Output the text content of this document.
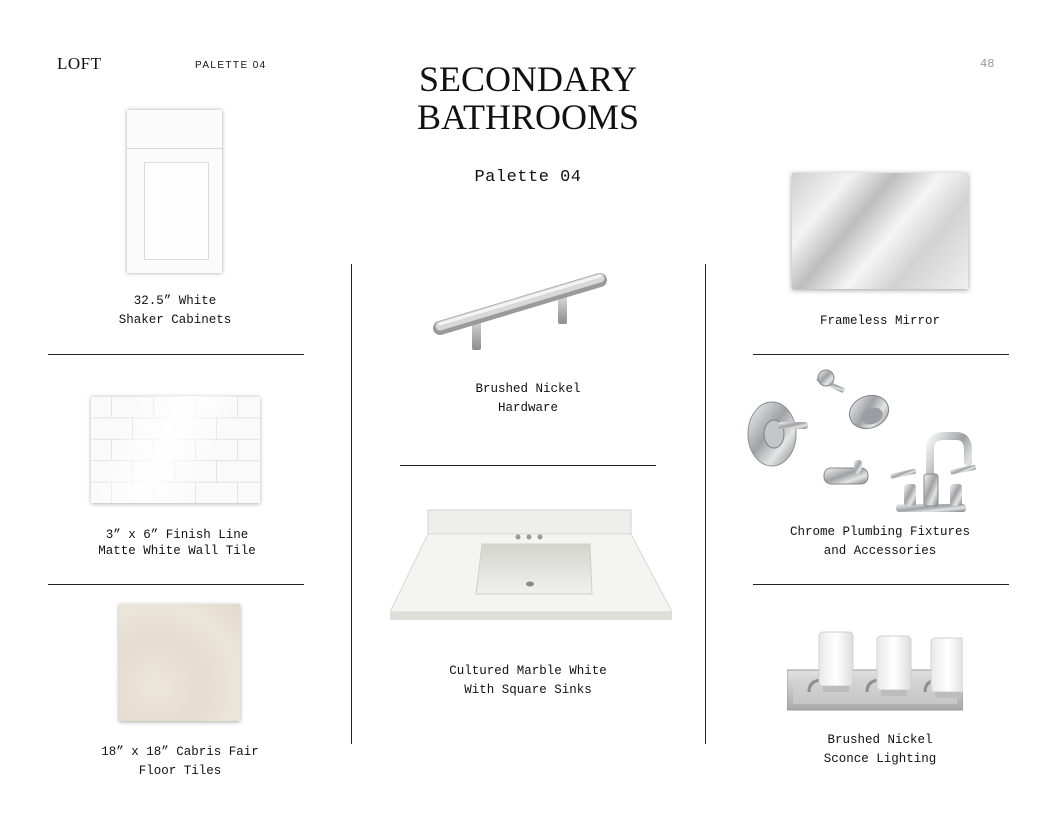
LOFT	PALETTE 04	48
SECONDARY
BATHROOMS
Palette 04
32.5” White
Shaker Cabinets
3” x 6” Finish Line
Matte White Wall Tile
18” x 18” Cabris Fair
Floor Tiles
Brushed Nickel
Hardware
Cultured Marble White
With Square Sinks
Frameless Mirror
Chrome Plumbing Fixtures
and Accessories
Brushed Nickel
Sconce Lighting
